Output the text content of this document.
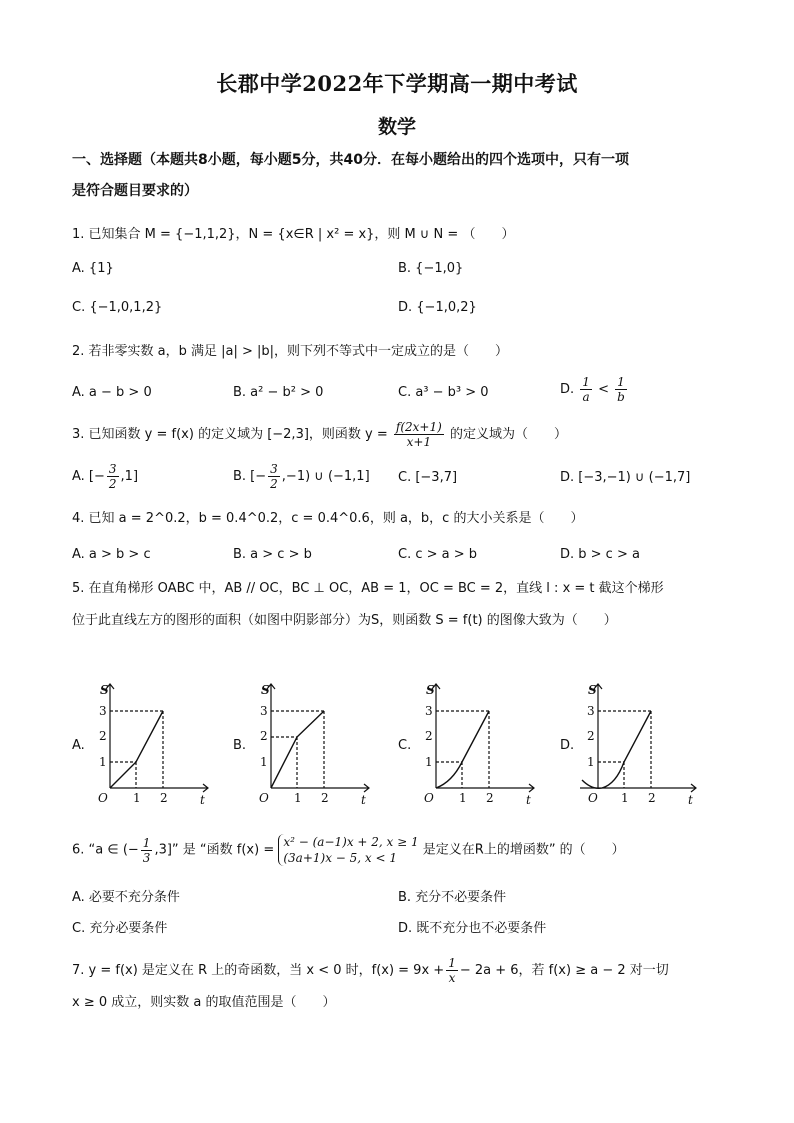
长郡中学2022年下学期高一期中考试
数学
一、选择题（本题共8小题，每小题5分，共40分．在每小题给出的四个选项中，只有一项
是符合题目要求的）
1. 已知集合 M = {−1,1,2}，N = {x∈R | x² = x}，则 M ∪ N = （　　）
A. {1}	B. {−1,0}
C. {−1,0,1,2}	D. {−1,0,2}
2. 若非零实数 a，b 满足 |a| > |b|，则下列不等式中一定成立的是（　　）
A. a − b > 0	B. a² − b² > 0	C. a³ − b³ > 0	D. $\frac{1}{a} < \frac{1}{b}$
3. 已知函数 y = f(x) 的定义域为 [−2,3]，则函数 $y = \frac{f(2x+1)}{x+1}$ 的定义域为（　　）
A. [− $\frac{3}{2} ,1$]	B. [− $\frac{3}{2} ,-1$) ∪ (−1,1] C. [−3,7]	D. [−3,−1) ∪ (−1,7]
4. 已知 a = 2^0.2，b = 0.4^0.2，c = 0.4^0.6，则 a，b，c 的大小关系是（　　）
A. a > b > c	B. a > c > b	C. c > a > b	D. b > c > a
5. 在直角梯形 OABC 中，AB // OC，BC ⊥ OC，AB = 1，OC = BC = 2，直线 l : x = t 截这个梯形
位于此直线左方的图形的面积（如图中阴影部分）为S，则函数 S = f(t) 的图像大致为（　　）
A.	B.	C.	D.
S
t
O 1 2
1
2
3
S
t
O 1 2
1
2
3
S
t
O 1 2
1
2
3
S
t
O 1 2
1
2
3
6. “a ∈ (− $\frac{1}{3} ,3$]” 是 “函数 f(x) =
x² − (a−1)x + 2, x ≥ 1
(3a+1)x − 5, x < 1
是定义在R上的增函数” 的（　　）
A. 必要不充分条件	B. 充分不必要条件
C. 充分必要条件	D. 既不充分也不必要条件
7. y = f(x) 是定义在 R 上的奇函数，当 x < 0 时，$f(x) = 9x + \frac{1}{x} - 2a + 6$，若 f(x) ≥ a − 2 对一切
x ≥ 0 成立，则实数 a 的取值范围是（　　）
